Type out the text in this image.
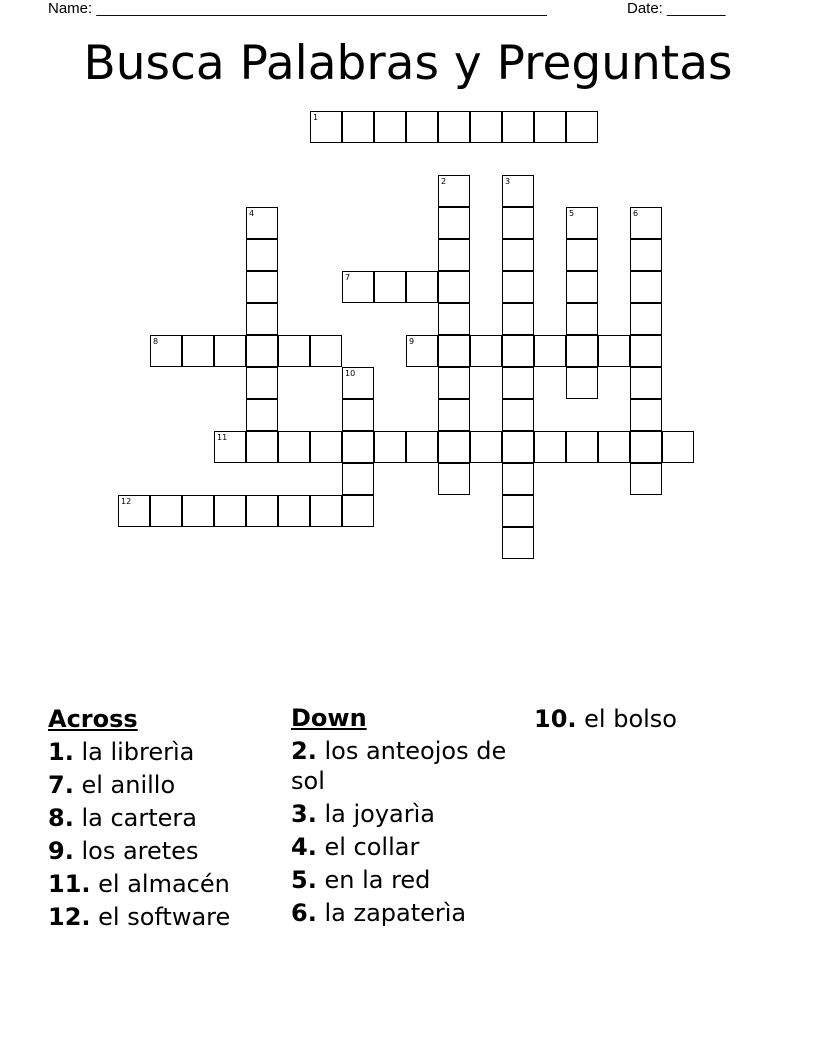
Name: ______________________________________________________	Date: _______
Busca Palabras y Preguntas
1
2	3
4	5	6
7
8	9
10
11
12
Across
1. la librerìa
7. el anillo
8. la cartera
9. los aretes
11. el almacén
12. el software
Down
2. los anteojos de sol
3. la joyarìa
4. el collar
5. en la red
6. la zapaterìa
10. el bolso
